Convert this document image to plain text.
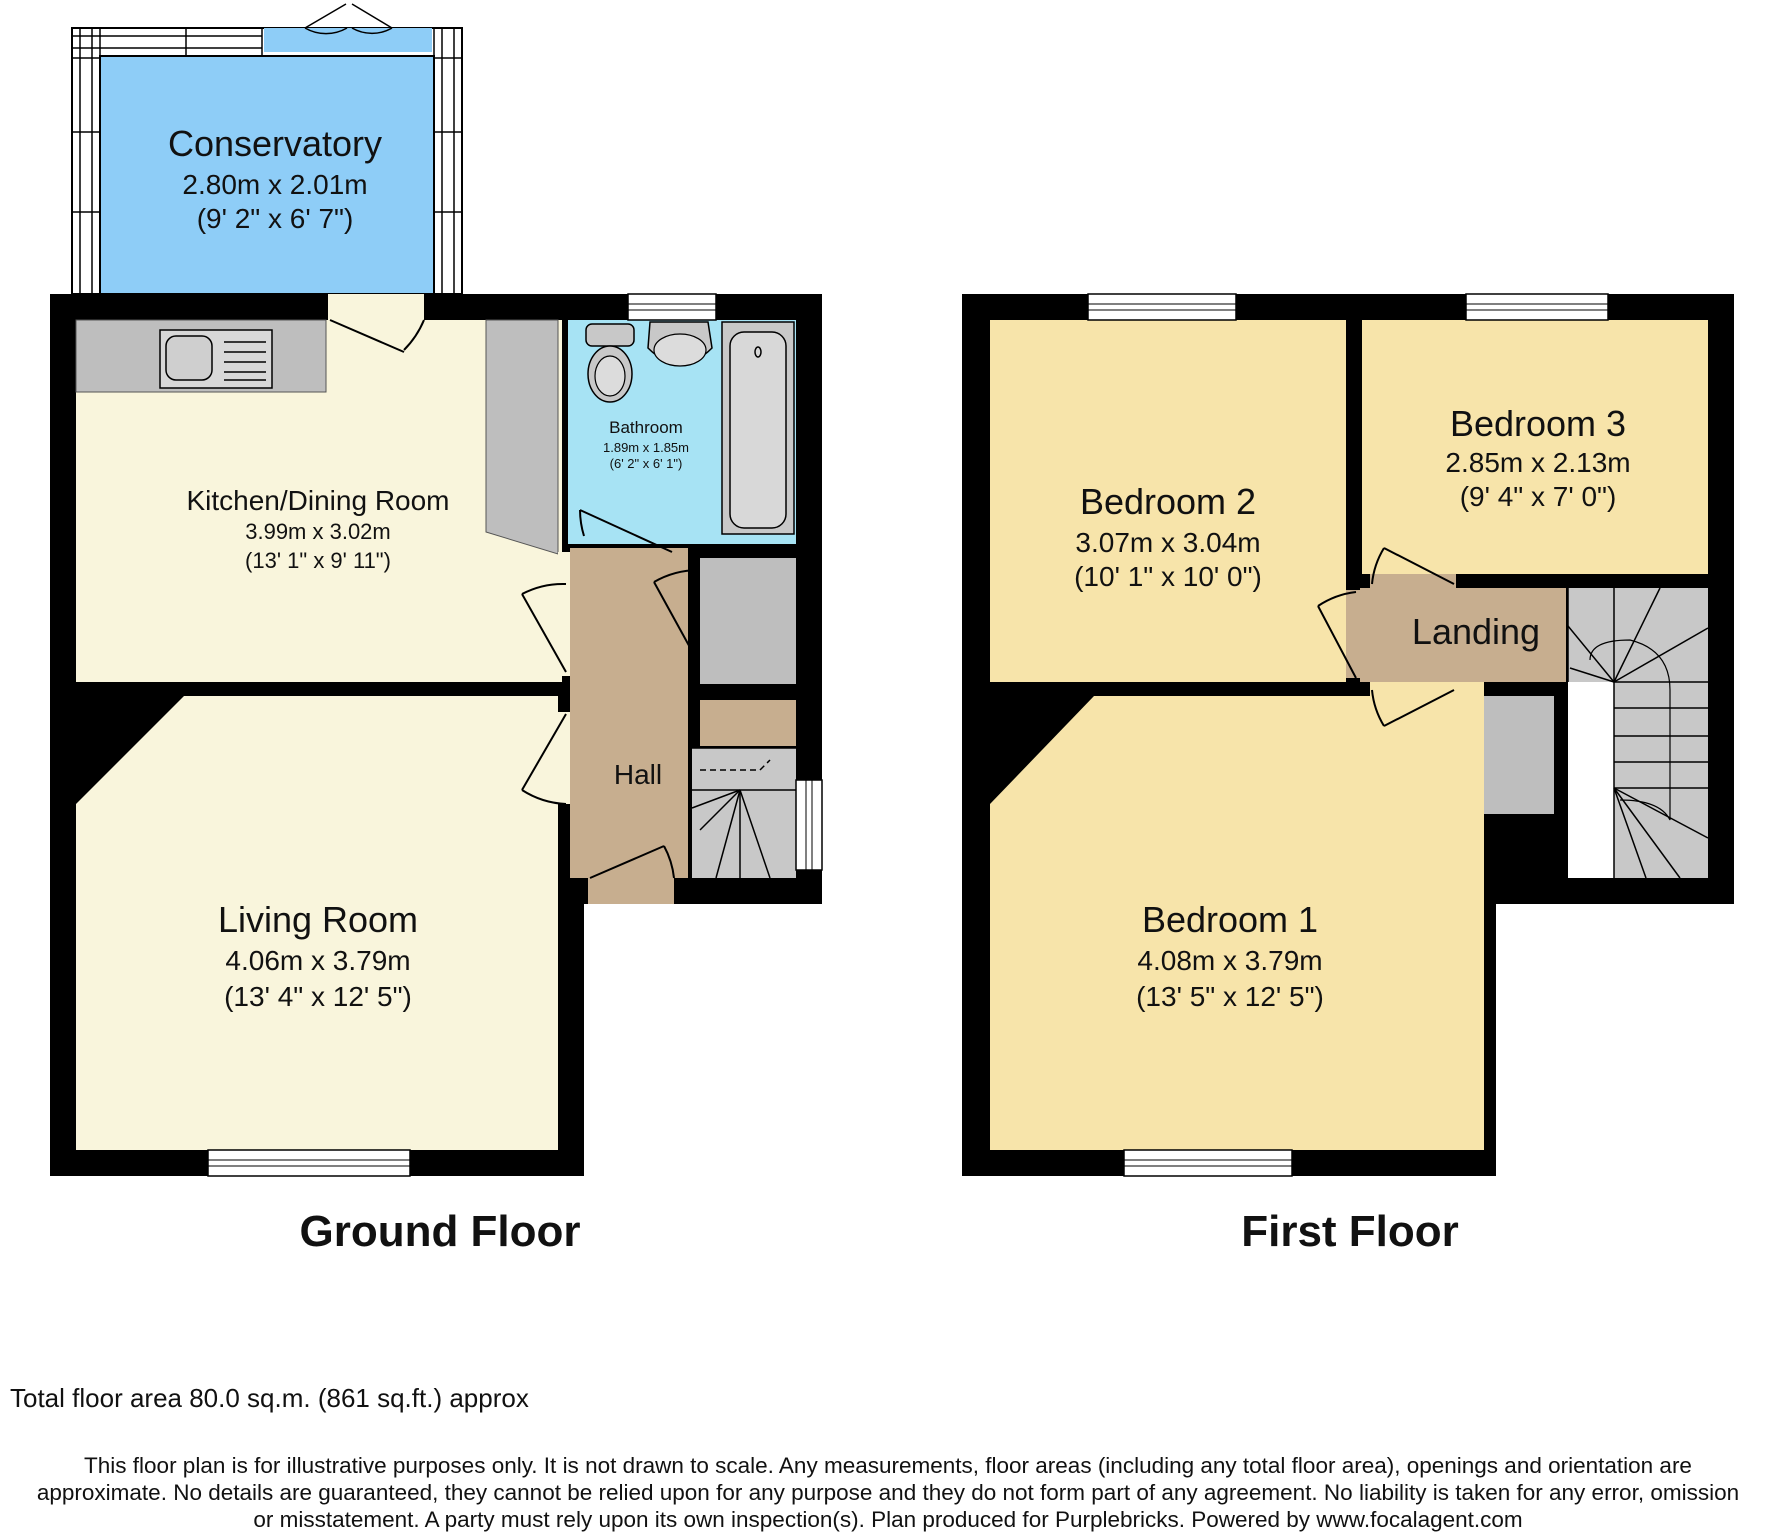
Conservatory
2.80m x 2.01m
(9' 2" x 6' 7")
Kitchen/Dining Room
3.99m x 3.02m
(13' 1" x 9' 11")
Bathroom
1.89m x 1.85m
(6' 2" x 6' 1")
Hall
Living Room
4.06m x 3.79m
(13' 4" x 12' 5")
Ground Floor
Bedroom 2
3.07m x 3.04m
(10' 1" x 10' 0")
Bedroom 3
2.85m x 2.13m
(9' 4" x 7' 0")
Landing
Bedroom 1
4.08m x 3.79m
(13' 5" x 12' 5")
First Floor
Total floor area 80.0 sq.m. (861 sq.ft.) approx
This floor plan is for illustrative purposes only. It is not drawn to scale. Any measurements, floor areas (including any total floor area), openings and orientation are
approximate. No details are guaranteed, they cannot be relied upon for any purpose and they do not form part of any agreement. No liability is taken for any error, omission
or misstatement. A party must rely upon its own inspection(s). Plan produced for Purplebricks. Powered by www.focalagent.com
